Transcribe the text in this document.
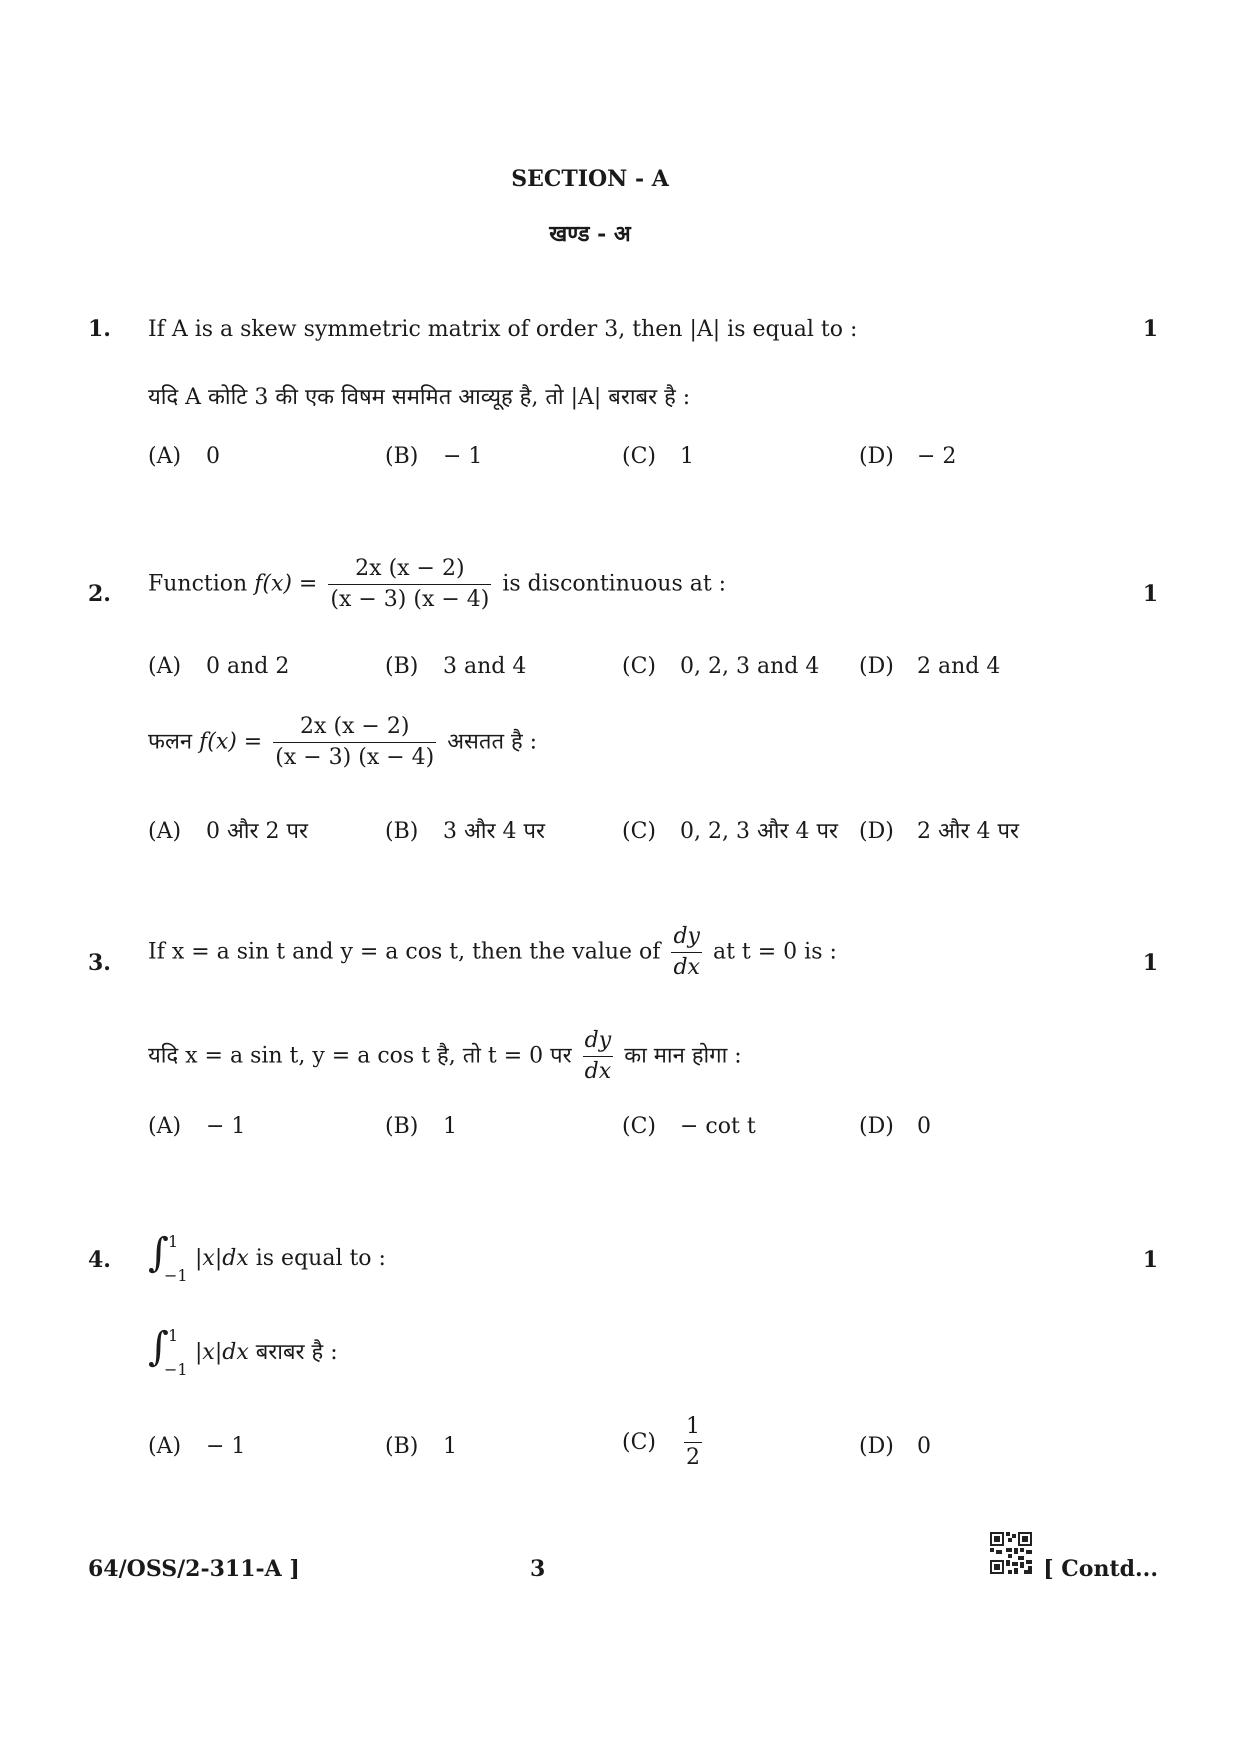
SECTION - A
खण्ड - अ
1. If A is a skew symmetric matrix of order 3, then |A| is equal to :	1
यदि A कोटि 3 की एक विषम सममित आव्यूह है, तो |A| बराबर है :
(A) 0	(B) − 1	(C) 1	(D) − 2
2. Function $f(x) = \frac{2x (x - 2)}{(x - 3) (x - 4)}$ is discontinuous at :	1
(A) 0 and 2	(B) 3 and 4	(C) 0, 2, 3 and 4 (D) 2 and 4
फलन $f(x) = \frac{2x (x - 2)}{(x - 3) (x - 4)}$ असतत है :
(A) 0 और 2 पर	(B) 3 और 4 पर	(C) 0, 2, 3 और 4 पर (D) 2 और 4 पर
3. If x = a sin t and y = a cos t, then the value of $\frac{dy}{dx}$ at t = 0 is :	1
यदि x = a sin t, y = a cos t है, तो t = 0 पर $\frac{dy}{dx}$ का मान होगा :
(A) − 1	(B) 1	(C) − cot t	(D) 0
4. ∫ 1
−1
|x|dx is equal to :	1
∫ 1
−1
|x|dx बराबर है :
(A) − 1	(B) 1	$(C) \frac{1}{2}$	(D) 0
64/OSS/2-311-A ]	3	[ Contd...
